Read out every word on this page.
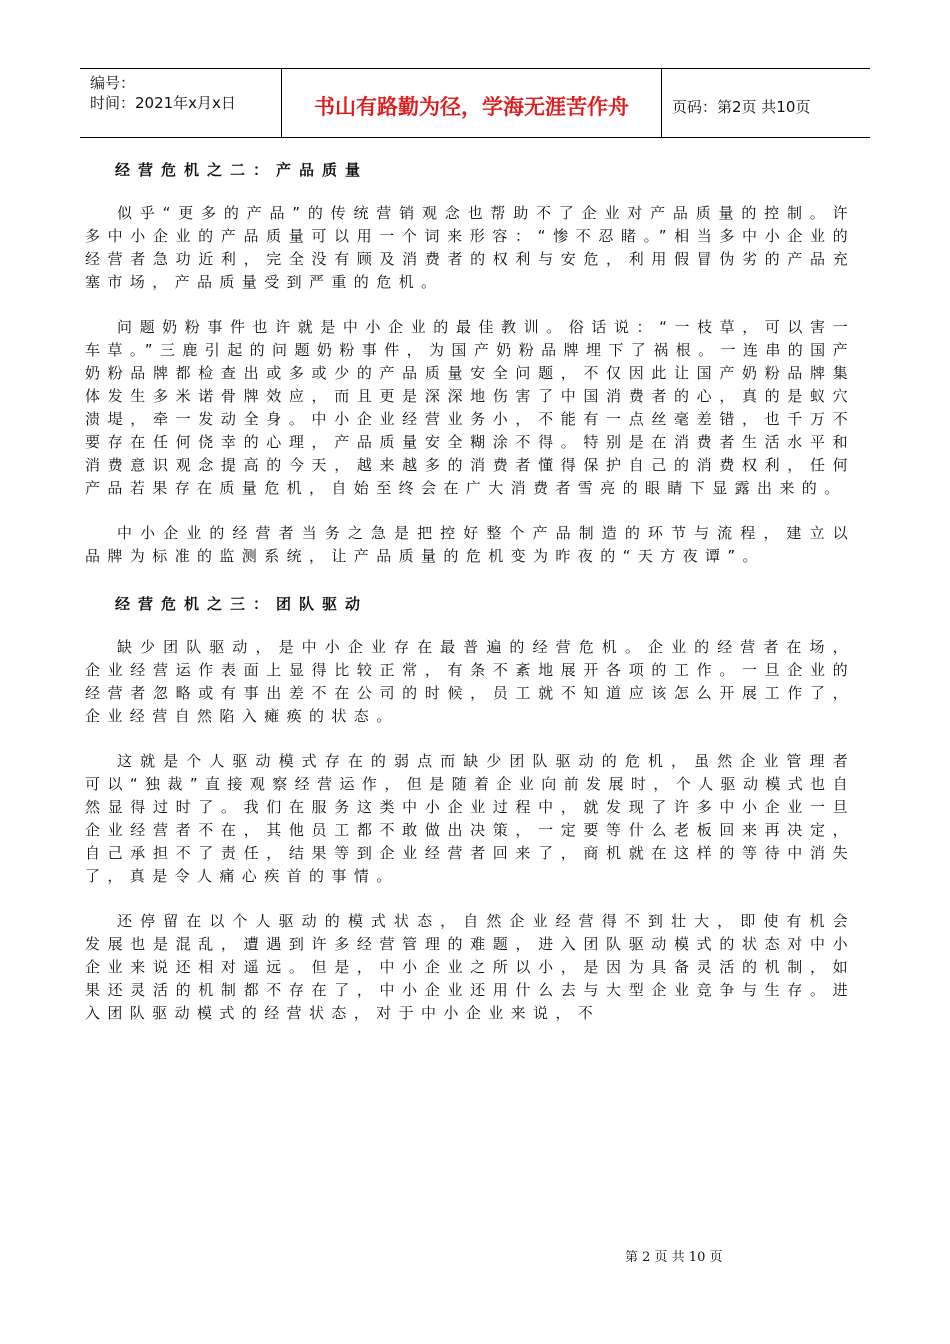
编号：
时间：2021年x月x日	书山有路勤为径，学海无涯苦作舟	页码：第2页 共10页
经营危机之二：产品质量

似乎“更多的产品”的传统营销观念也帮助不了企业对产品质量的控制。许多中小企业的产品质量可以用一个词来形容：“惨不忍睹。”相当多中小企业的经营者急功近利，完全没有顾及消费者的权利与安危，利用假冒伪劣的产品充塞市场，产品质量受到严重的危机。

问题奶粉事件也许就是中小企业的最佳教训。俗话说：“一枝草，可以害一车草。”三鹿引起的问题奶粉事件，为国产奶粉品牌埋下了祸根。一连串的国产奶粉品牌都检查出或多或少的产品质量安全问题，不仅因此让国产奶粉品牌集体发生多米诺骨牌效应，而且更是深深地伤害了中国消费者的心，真的是蚁穴溃堤，牵一发动全身。中小企业经营业务小，不能有一点丝毫差错，也千万不要存在任何侥幸的心理，产品质量安全糊涂不得。特别是在消费者生活水平和消费意识观念提高的今天，越来越多的消费者懂得保护自己的消费权利，任何产品若果存在质量危机，自始至终会在广大消费者雪亮的眼睛下显露出来的。

中小企业的经营者当务之急是把控好整个产品制造的环节与流程，建立以品牌为标准的监测系统，让产品质量的危机变为昨夜的“天方夜谭”。

经营危机之三：团队驱动

缺少团队驱动，是中小企业存在最普遍的经营危机。企业的经营者在场，企业经营运作表面上显得比较正常，有条不紊地展开各项的工作。一旦企业的经营者忽略或有事出差不在公司的时候，员工就不知道应该怎么开展工作了，企业经营自然陷入瘫痪的状态。

这就是个人驱动模式存在的弱点而缺少团队驱动的危机，虽然企业管理者可以“独裁”直接观察经营运作，但是随着企业向前发展时，个人驱动模式也自然显得过时了。我们在服务这类中小企业过程中，就发现了许多中小企业一旦企业经营者不在，其他员工都不敢做出决策，一定要等什么老板回来再决定，自己承担不了责任，结果等到企业经营者回来了，商机就在这样的等待中消失了，真是令人痛心疾首的事情。

还停留在以个人驱动的模式状态，自然企业经营得不到壮大，即使有机会发展也是混乱，遭遇到许多经营管理的难题，进入团队驱动模式的状态对中小企业来说还相对遥远。但是，中小企业之所以小，是因为具备灵活的机制，如果还灵活的机制都不存在了，中小企业还用什么去与大型企业竞争与生存。进入团队驱动模式的经营状态，对于中小企业来说，不

第 2 页 共 10 页
